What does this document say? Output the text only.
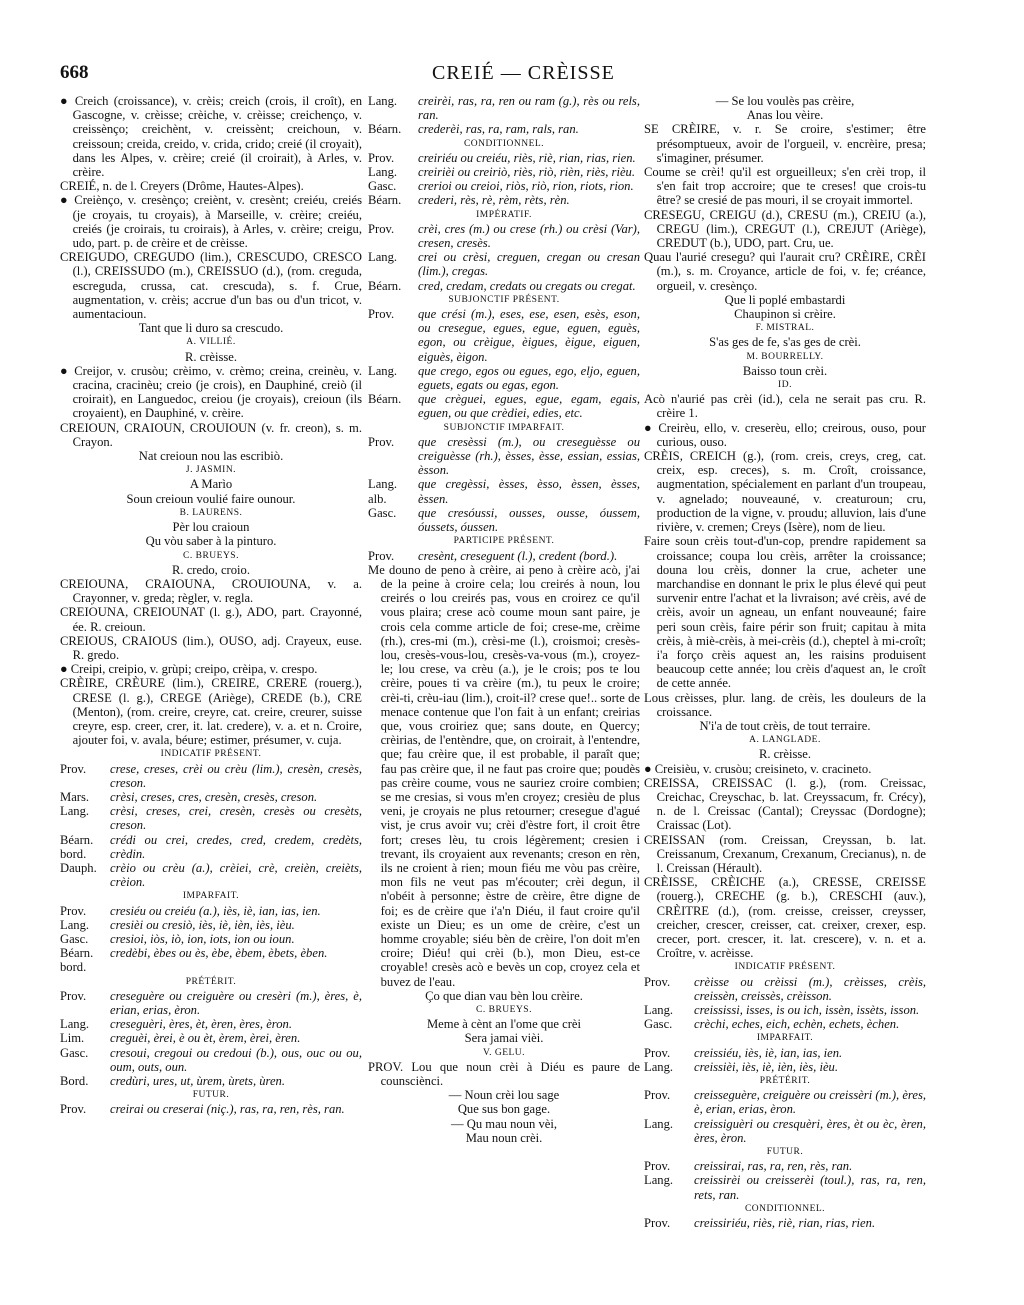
668	CREIÉ — CRÈISSE

● Creich (croissance), v. crèis; creich (crois, il croît), en Gascogne, v. crèisse; crèiche, v. crèisse; creichenço, v. creissènço; creichènt, v. creissènt; creichoun, v. creissoun; creida, creido, v. crida, crido; creié (il croyait), dans les Alpes, v. crèire; creié (il croirait), à Arles, v. crèire.

CREIÉ, n. de l. Creyers (Drôme, Hautes-Alpes).

● Creiènço, v. cresènço; creiènt, v. cresènt; creiéu, creiés (je croyais, tu croyais), à Marseille, v. crèire; creiéu, creiés (je croirais, tu croirais), à Arles, v. crèire; creigu, udo, part. p. de crèire et de crèisse.

CREIGUDO, CREGUDO (lim.), CRESCUDO, CRESCO (l.), CREISSUDO (m.), CREISSUO (d.), (rom. creguda, escreguda, crussa, cat. crescuda), s. f. Crue, augmentation, v. crèis; accrue d'un bas ou d'un tricot, v. aumentacioun.

Tant que li duro sa crescudo.

A. VILLIÉ.

R. crèisse.

● Creijor, v. crusòu; crèimo, v. crèmo; creina, creinèu, v. cracina, cracinèu; creio (je crois), en Dauphiné, creiò (il croirait), en Languedoc, creiou (je croyais), creioun (ils croyaient), en Dauphiné, v. crèire.

CREIOUN, CRAIOUN, CROUIOUN (v. fr. creon), s. m. Crayon.

Nat creioun nou las escribiò.

J. JASMIN.

A Marìo

Soun creioun voulié faire ounour.

B. LAURENS.

Pèr lou craioun

Qu vòu saber à la pinturo.

C. BRUEYS.

R. credo, croio.

CREIOUNA, CRAIOUNA, CROUIOUNA, v. a. Crayonner, v. greda; règler, v. regla.

CREIOUNA, CREIOUNAT (l. g.), ADO, part. Crayonné, ée. R. creioun.

CREIOUS, CRAIOUS (lim.), OUSO, adj. Crayeux, euse. R. gredo.

● Creipi, creipio, v. grùpi; creipo, crèipa, v. crespo.

CRÈIRE, CRÈURE (lim.), CREIRE, CRERE (rouerg.), CRESE (l. g.), CREGE (Ariège), CREDE (b.), CRE (Menton), (rom. creire, creyre, cat. creire, creurer, suisse creyre, esp. creer, crer, it. lat. credere), v. a. et n. Croire, ajouter foi, v. avala, béure; estimer, présumer, v. cuja.

INDICATIF PRÉSENT.

Prov.	crese, creses, crèi ou crèu (lim.), cresèn, cresès, creson.
Mars.	crèsi, creses, cres, cresèn, cresès, creson.
Lang.	crèsi, creses, crei, cresèn, cresès ou cresèts, creson.
Béarn. bord.
crédi ou crei, credes, cred, credem, credèts, crèdin.
Dauph.	crèio ou crèu (a.), crèiei, crè, creièn, creièts, crèion.

IMPARFAIT.

Prov.	cresiéu ou creiéu (a.), iès, iè, ian, ias, ien.
Lang.	cresièi ou cresiò, iès, iè, ièn, iès, ièu.
Gasc.	cresioi, iòs, iò, ion, iots, ion ou ioun.
Béarn. bord.
credèbi, èbes ou ès, èbe, èbem, èbets, èben.

PRÉTÉRIT.

Prov.	creseguère ou creiguère ou cresèri (m.), ères, è, erian, erias, èron.
Lang.	creseguèri, ères, èt, èren, ères, èron.
Lim.	creguèi, èrei, è ou èt, èrem, èrei, èren.
Gasc.	cresoui, cregoui ou credoui (b.), ous, ouc ou ou, oum, outs, oun.
Bord.	credùri, ures, ut, ùrem, ùrets, ùren.

FUTUR.

Prov.	creirai ou creserai (niç.), ras, ra, ren, rès, ran.
Lang.	creirèi, ras, ra, ren ou ram (g.), rès ou rels, ran.
Béarn.	crederèi, ras, ra, ram, rals, ran.

CONDITIONNEL.

Prov.	creiriéu ou creiéu, riès, riè, rian, rias, rien.
Lang.	creirièi ou creiriò, riès, riò, rièn, riès, rièu.
Gasc.	crerioi ou creioi, riòs, riò, rion, riots, rion.
Béarn.	crederi, rès, rè, rèm, rèts, rèn.

IMPÉRATIF.

Prov.	crèi, cres (m.) ou crese (rh.) ou crèsi (Var), cresen, cresès.
Lang.	crei ou crèsi, creguen, cregan ou cresan (lim.), cregas.
Béarn.	cred, credam, credats ou cregats ou cregat.

SUBJONCTIF PRÉSENT.

Prov.	que crési (m.), eses, ese, esen, esès, eson, ou cresegue, egues, egue, eguen, eguès, egon, ou crèigue, èigues, èigue, eiguen, eiguès, èigon.
Lang.	que crego, egos ou egues, ego, eljo, eguen, eguets, egats ou egas, egon.
Béarn.	que crèguei, egues, egue, egam, egais, eguen, ou que crèdiei, edies, etc.

SUBJONCTIF IMPARFAIT.

Prov.	que cresèssi (m.), ou creseguèsse ou creiguèsse (rh.), èsses, èsse, essian, essias, èsson.
Lang. alb.
que cregèssi, èsses, èsso, èssen, èsses, èssen.
Gasc.	que cresóussi, ousses, ousse, óussem, óussets, óussen.

PARTICIPE PRÉSENT.

Prov.	cresènt, creseguent (l.), credent (bord.).

Me douno de peno à crèire, ai peno à crèire acò, j'ai de la peine à croire cela; lou creirés à noun, lou creirés o lou creirés pas, vous en croirez ce qu'il vous plaira; crese acò coume moun sant paire, je crois cela comme article de foi; crese-me, crèime (rh.), cres-mi (m.), crèsi-me (l.), croismoi; cresès-lou, cresès-vous-lou, cresès-va-vous (m.), croyez-le; lou crese, va crèu (a.), je le crois; pos te lou crèire, poues ti va crèire (m.), tu peux le croire; crèi-ti, crèu-iau (lim.), croit-il? crese que!.. sorte de menace contenue que l'on fait à un enfant; creirias que, vous croiriez que; sans doute, en Quercy; crèirias, de l'entèndre, que, on croirait, à l'entendre, que; fau crèire que, il est probable, il paraît que; fau pas crèire que, il ne faut pas croire que; poudès pas crèire coume, vous ne sauriez croire combien; se me cresias, si vous m'en croyez; cresièu de plus veni, je croyais ne plus retourner; cresegue d'agué vist, je crus avoir vu; crèi d'èstre fort, il croit être fort; creses lèu, tu crois légèrement; cresien i trevant, ils croyaient aux revenants; creson en rèn, ils ne croient à rien; moun fiéu me vòu pas crèire, mon fils ne veut pas m'écouter; crèi degun, il n'obéit à personne; èstre de crèire, être digne de foi; es de crèire que i'a'n Diéu, il faut croire qu'il existe un Dieu; es un ome de crèire, c'est un homme croyable; siéu bèn de crèire, l'on doit m'en croire; Diéu! qui crèi (b.), mon Dieu, est-ce croyable! cresès acò e bevès un cop, croyez cela et buvez de l'eau.

Ço que dian vau bèn lou crèire.

C. BRUEYS.

Meme à cènt an l'ome que crèi

Sera jamai vièi.

V. GELU.

PROV. Lou que noun crèi à Diéu es paure de counsciènci.

— Noun crèi lou sage

Que sus bon gage.

— Qu mau noun vèi,

Mau noun crèi.

— Se lou voulès pas crèire,

Anas lou vèire.

SE CRÈIRE, v. r. Se croire, s'estimer; être présomptueux, avoir de l'orgueil, v. encrèire, presa; s'imaginer, présumer.

Coume se crèi! qu'il est orgueilleux; s'en crèi trop, il s'en fait trop accroire; que te creses! que crois-tu être? se cresié de pas mouri, il se croyait immortel.

CRESEGU, CREIGU (d.), CRESU (m.), CREIU (a.), CREGU (lim.), CREGUT (l.), CREJUT (Ariège), CREDUT (b.), UDO, part. Cru, ue.

Quau l'aurié cresegu? qui l'aurait cru? CRÈIRE, CRÈI (m.), s. m. Croyance, article de foi, v. fe; créance, orgueil, v. cresènço.

Que li poplé embastardi

Chaupinon si crèire.

F. MISTRAL.

S'as ges de fe, s'as ges de crèi.

M. BOURRELLY.

Baisso toun crèi.

ID.

Acò n'aurié pas crèi (id.), cela ne serait pas cru. R. crèire 1.

● Creirèu, ello, v. creserèu, ello; creirous, ouso, pour curious, ouso.

CRÈIS, CREICH (g.), (rom. creis, creys, creg, cat. creix, esp. creces), s. m. Croît, croissance, augmentation, spécialement en parlant d'un troupeau, v. agnelado; nouveauné, v. creaturoun; cru, production de la vigne, v. proudu; alluvion, lais d'une rivière, v. cremen; Creys (Isère), nom de lieu.

Faire soun crèis tout-d'un-cop, prendre rapidement sa croissance; coupa lou crèis, arrêter la croissance; douna lou crèis, donner la crue, acheter une marchandise en donnant le prix le plus élevé qui peut survenir entre l'achat et la livraison; avé crèis, avé de crèis, avoir un agneau, un enfant nouveauné; faire peri soun crèis, faire périr son fruit; capitau à mita crèis, à miè-crèis, à mei-crèis (d.), cheptel à mi-croît; i'a forço crèis aquest an, les raisins produisent beaucoup cette année; lou crèis d'aquest an, le croît de cette année.

Lous crèisses, plur. lang. de crèis, les douleurs de la croissance.

N'i'a de tout crèis, de tout terraire.

A. LANGLADE.

R. crèisse.

● Creisièu, v. crusòu; creisineto, v. cracineto.

CREISSA, CREISSAC (l. g.), (rom. Creissac, Creichac, Creyschac, b. lat. Creyssacum, fr. Crécy), n. de l. Creissac (Cantal); Creyssac (Dordogne); Craissac (Lot).

CREISSAN (rom. Creissan, Creyssan, b. lat. Creissanum, Crexanum, Crexanum, Crecianus), n. de l. Creissan (Hérault).

CRÈISSE, CRÈICHE (a.), CRESSE, CREISSE (rouerg.), CRECHE (g. b.), CRESCHI (auv.), CRÈITRE (d.), (rom. creisse, creisser, creysser, creicher, crescer, creisser, cat. creixer, crexer, esp. crecer, port. crescer, it. lat. crescere), v. n. et a. Croître, v. acrèisse.

INDICATIF PRÉSENT.

Prov.	crèisse ou crèissi (m.), crèisses, crèis, creissèn, creissès, crèisson.
Lang.	creississi, isses, is ou ich, issèn, issèts, isson.
Gasc.	crèchi, eches, eich, echèn, echets, èchen.

IMPARFAIT.

Prov.	creissiéu, iès, iè, ian, ias, ien.
Lang.	creissièi, iès, iè, ièn, iès, ièu.

PRÉTÉRIT.

Prov.	creisseguère, creiguère ou creissèri (m.), ères, è, erian, erias, èron.
Lang.	creissiguèri ou cresquèri, ères, èt ou èc, èren, ères, èron.

FUTUR.

Prov.	creissirai, ras, ra, ren, rès, ran.
Lang.	creissirèi ou creisserèi (toul.), ras, ra, ren, rets, ran.

CONDITIONNEL.

Prov.	creissiriéu, riès, riè, rian, rias, rien.
